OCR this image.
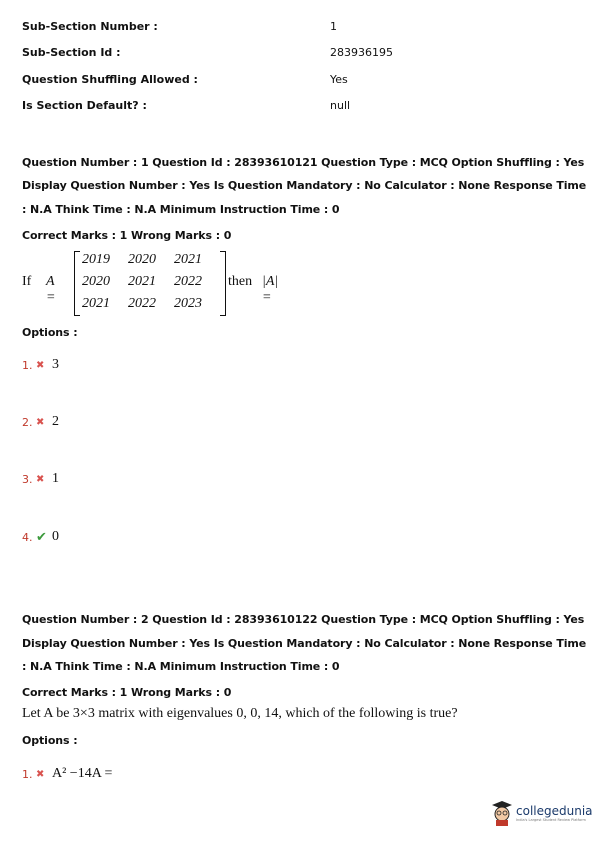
Sub-Section Number :	1
Sub-Section Id :	283936195
Question Shuffling Allowed :	Yes
Is Section Default? :	null
Question Number : 1 Question Id : 28393610121 Question Type : MCQ Option Shuffling : Yes
Display Question Number : Yes Is Question Mandatory : No Calculator : None Response Time
: N.A Think Time : N.A Minimum Instruction Time : 0
Correct Marks : 1 Wrong Marks : 0
If A =
2019 2020 2021
2020 2021 2022
2021 2022 2023
then |A| =
Options :
1. ✖ 3
2. ✖ 2
3. ✖ 1
4. ✔ 0
Question Number : 2 Question Id : 28393610122 Question Type : MCQ Option Shuffling : Yes
Display Question Number : Yes Is Question Mandatory : No Calculator : None Response Time
: N.A Think Time : N.A Minimum Instruction Time : 0
Correct Marks : 1 Wrong Marks : 0
Let A be 3×3 matrix with eigenvalues 0, 0, 14, which of the following is true?
Options :
1. ✖ A² −14A =
collegedunia
India's Largest Student Review Platform
